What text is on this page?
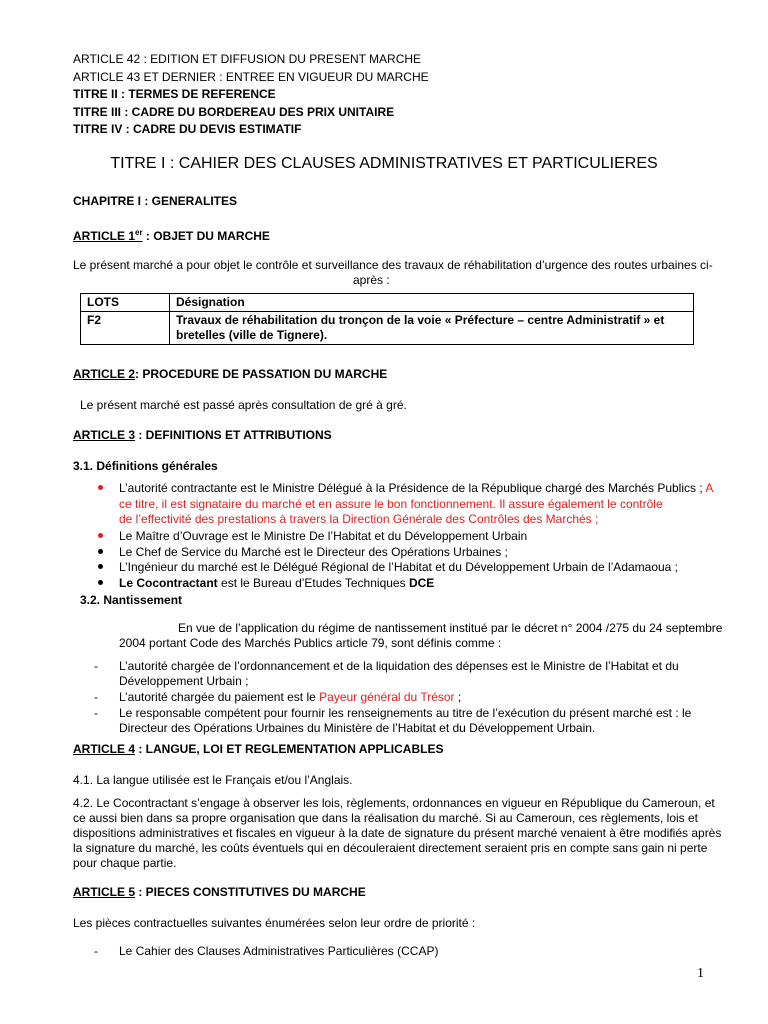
ARTICLE 42 : EDITION ET DIFFUSION DU PRESENT MARCHE
ARTICLE 43 ET DERNIER : ENTREE EN VIGUEUR DU MARCHE
TITRE II : TERMES DE REFERENCE
TITRE III : CADRE DU BORDEREAU DES PRIX UNITAIRE
TITRE IV : CADRE DU DEVIS ESTIMATIF
TITRE I : CAHIER DES CLAUSES ADMINISTRATIVES ET PARTICULIERES
CHAPITRE I : GENERALITES
ARTICLE 1er : OBJET DU MARCHE
Le présent marché a pour objet le contrôle et surveillance des travaux de réhabilitation d’urgence des routes urbaines ci-
après :
LOTS	Désignation
F2	Travaux de réhabilitation du tronçon de la voie « Préfecture – centre Administratif » et bretelles (ville de Tignere).
ARTICLE 2: PROCEDURE DE PASSATION DU MARCHE
Le présent marché est passé après consultation de gré à gré.
ARTICLE 3 : DEFINITIONS ET ATTRIBUTIONS
3.1. Définitions générales
L’autorité contractante est le Ministre Délégué à la Présidence de la République chargé des Marchés Publics ; A
ce titre, il est signataire du marché et en assure le bon fonctionnement. Il assure également le contrôle
de l’effectivité des prestations à travers la Direction Générale des Contrôles des Marchés ;
Le Maître d’Ouvrage est le Ministre De l’Habitat et du Développement Urbain
Le Chef de Service du Marché est le Directeur des Opérations Urbaines ;
L’Ingénieur du marché est le Délégué Régional de l’Habitat et du Développement Urbain de l’Adamaoua ;
Le Cocontractant est le Bureau d’Etudes Techniques DCE
3.2. Nantissement
En vue de l’application du régime de nantissement institué par le décret n° 2004 /275 du 24 septembre
2004 portant Code des Marchés Publics article 79, sont définis comme :
- L’autorité chargée de l’ordonnancement et de la liquidation des dépenses est le Ministre de l’Habitat et du
Développement Urbain ;
- L’autorité chargée du paiement est le Payeur général du Trésor ;
- Le responsable compétent pour fournir les renseignements au titre de l’exécution du présent marché est : le
Directeur des Opérations Urbaines du Ministère de l’Habitat et du Développement Urbain.
ARTICLE 4 : LANGUE, LOI ET REGLEMENTATION APPLICABLES
4.1. La langue utilisée est le Français et/ou l’Anglais.
4.2. Le Cocontractant s’engage à observer les lois, règlements, ordonnances en vigueur en République du Cameroun, et
ce aussi bien dans sa propre organisation que dans la réalisation du marché. Si au Cameroun, ces règlements, lois et
dispositions administratives et fiscales en vigueur à la date de signature du présent marché venaient à être modifiés après
la signature du marché, les coûts éventuels qui en découleraient directement seraient pris en compte sans gain ni perte
pour chaque partie.
ARTICLE 5 : PIECES CONSTITUTIVES DU MARCHE
Les pièces contractuelles suivantes énumérées selon leur ordre de priorité :
- Le Cahier des Clauses Administratives Particulières (CCAP)
1
